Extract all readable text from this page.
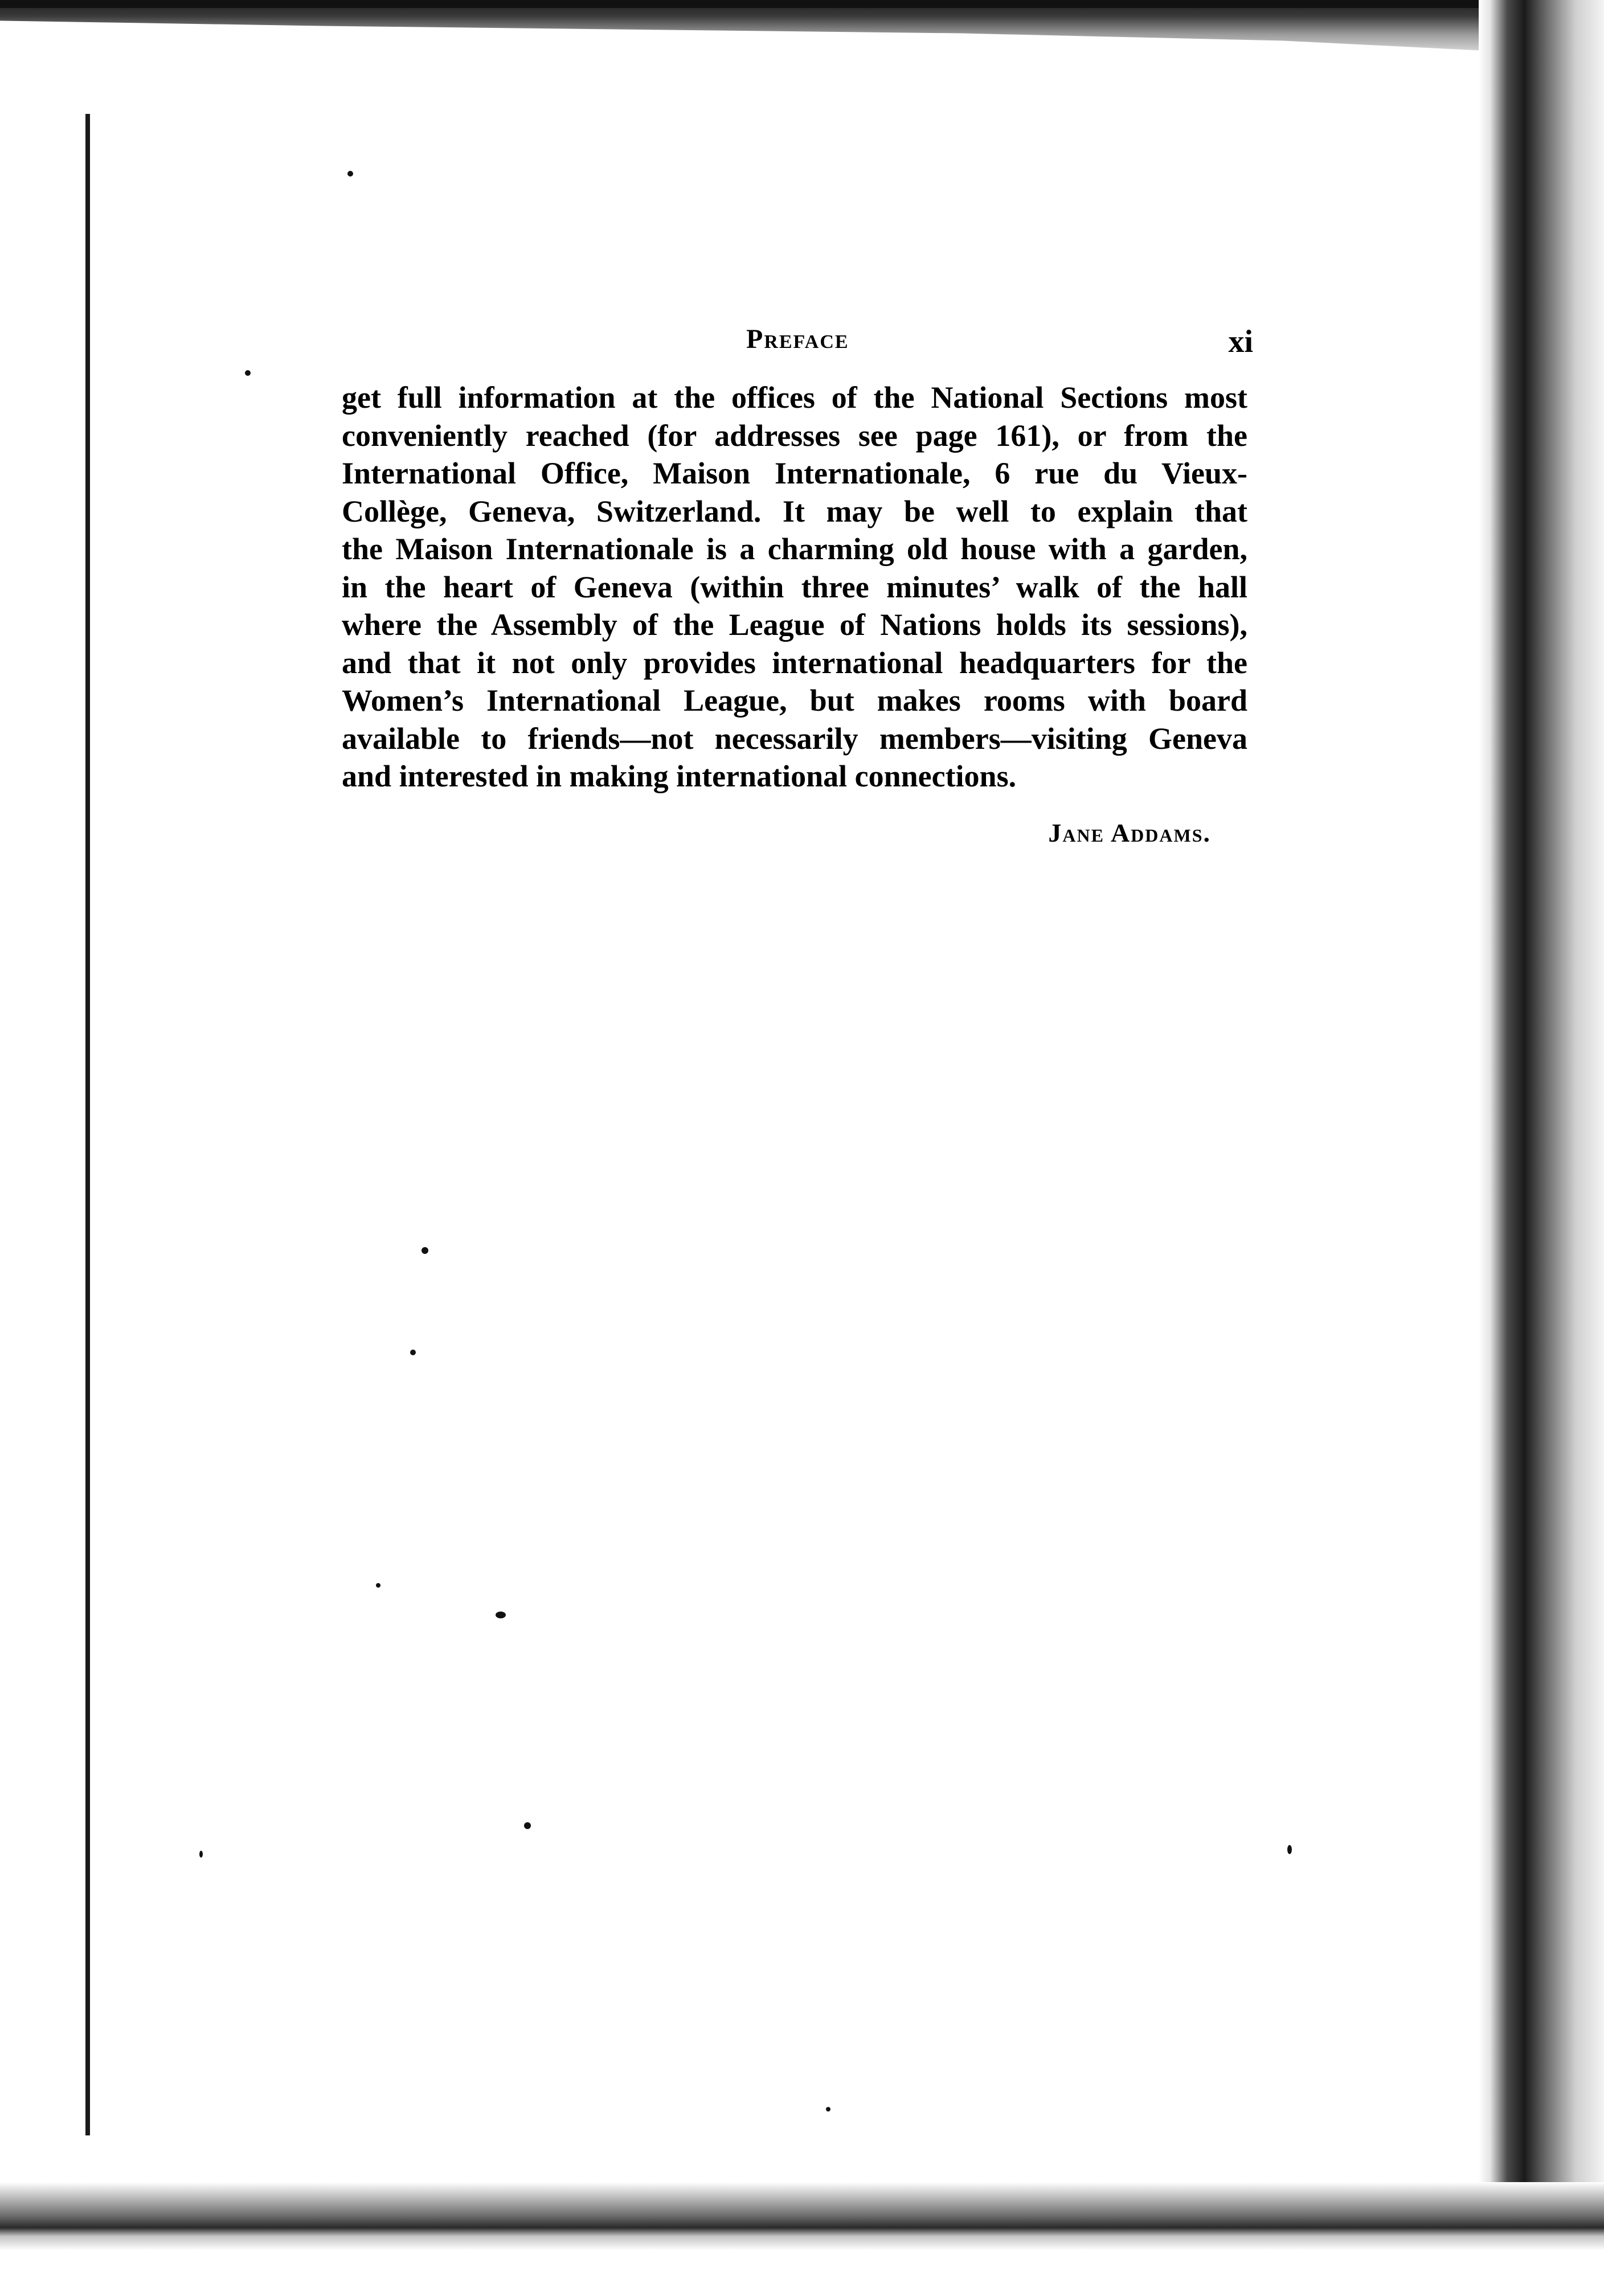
Preface	xi
get full information at the offices of the National Sections most
conveniently reached (for addresses see page 161), or from the
International Office, Maison Internationale, 6 rue du Vieux-
Collège, Geneva, Switzerland. It may be well to explain that
the Maison Internationale is a charming old house with a garden,
in the heart of Geneva (within three minutes’ walk of the hall
where the Assembly of the League of Nations holds its sessions),
and that it not only provides international headquarters for the
Women’s International League, but makes rooms with board
available to friends—not necessarily members—visiting Geneva
and interested in making international connections.
Jane Addams.
